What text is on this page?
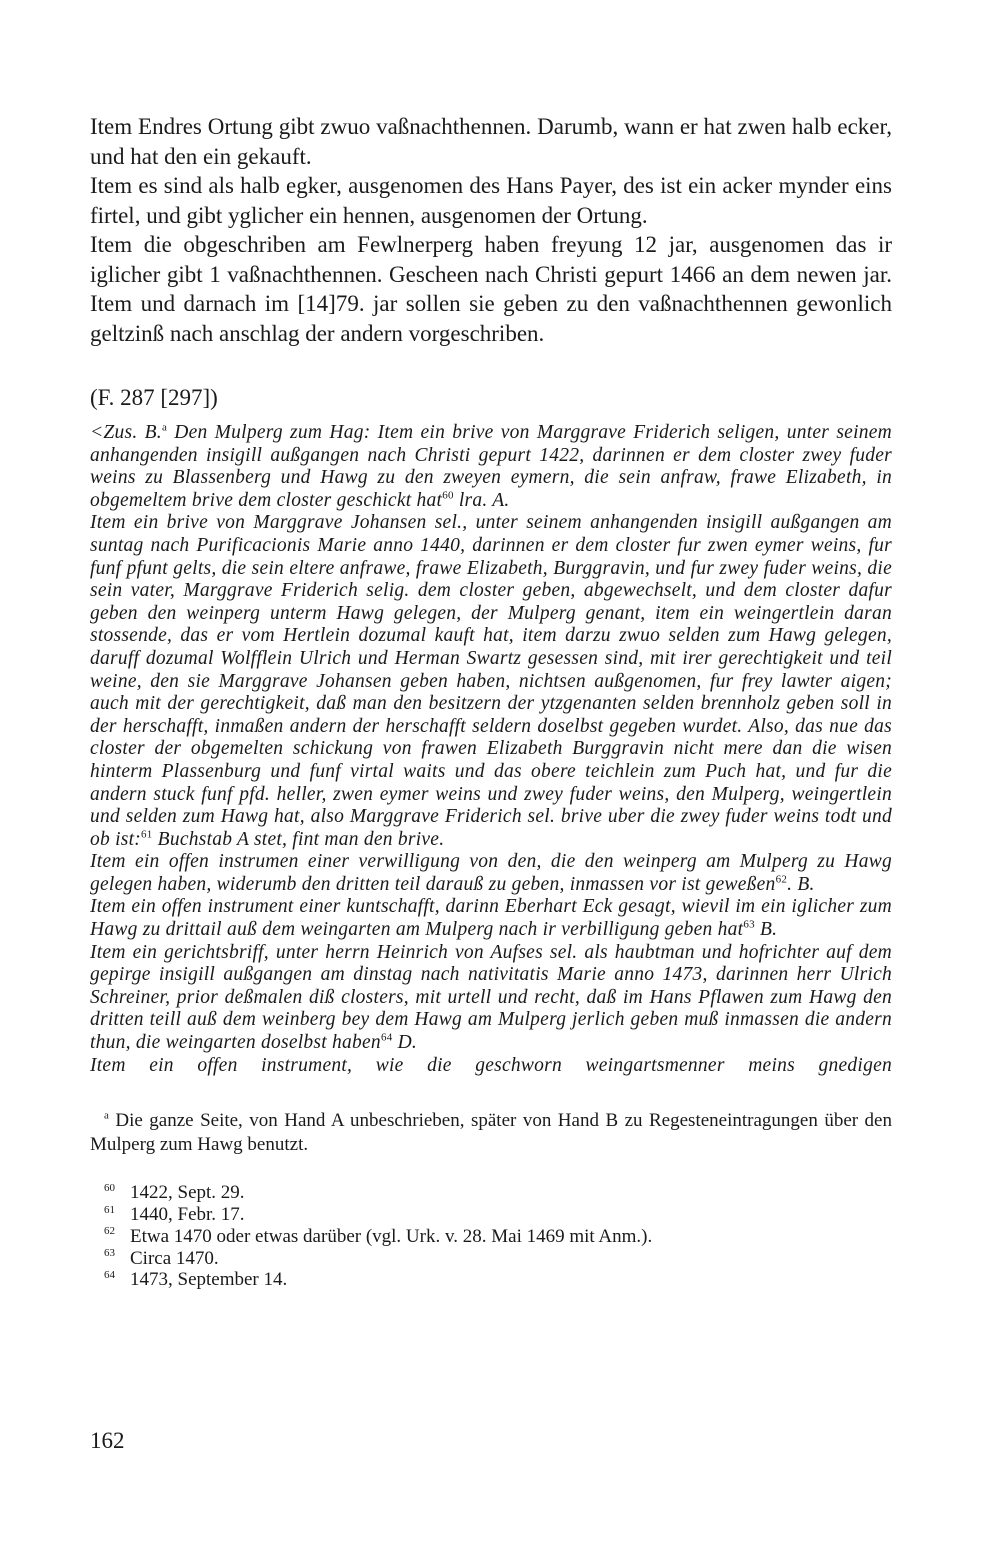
Item Endres Ortung gibt zwuo vaßnachthennen. Darumb, wann er hat zwen halb ecker, und hat den ein gekauft.

Item es sind als halb egker, ausgenomen des Hans Payer, des ist ein acker mynder eins firtel, und gibt yglicher ein hennen, ausgenomen der Ortung.

Item die obgeschriben am Fewlnerperg haben freyung 12 jar, ausgenomen das ir iglicher gibt 1 vaßnachthennen. Gescheen nach Christi gepurt 1466 an dem newen jar. Item und darnach im [14]79. jar sollen sie geben zu den vaßnachthennen gewonlich geltzinß nach anschlag der andern vorgeschriben.

(F. 287 [297])

<Zus. B.$^a$ Den Mulperg zum Hag: Item ein brive von Marggrave Friderich seligen, unter seinem anhangenden insigill außgangen nach Christi gepurt 1422, darinnen er dem closter zwey fuder weins zu Blassenberg und Hawg zu den zweyen eymern, die sein anfraw, frawe Elizabeth, in obgemeltem brive dem closter geschickt hat$^{60}$ lra. A.

Item ein brive von Marggrave Johansen sel., unter seinem anhangenden insigill außgangen am suntag nach Purificacionis Marie anno 1440, darinnen er dem closter fur zwen eymer weins, fur funf pfunt gelts, die sein eltere anfrawe, frawe Elizabeth, Burggravin, und fur zwey fuder weins, die sein vater, Marggrave Friderich selig. dem closter geben, abgewechselt, und dem closter dafur geben den weinperg unterm Hawg gelegen, der Mulperg genant, item ein weingertlein daran stossende, das er vom Hertlein dozumal kauft hat, item darzu zwuo selden zum Hawg gelegen, daruff dozumal Wolfflein Ulrich und Herman Swartz gesessen sind, mit irer gerechtigkeit und teil weine, den sie Marggrave Johansen geben haben, nichtsen außgenomen, fur frey lawter aigen; auch mit der gerechtigkeit, daß man den besitzern der ytzgenanten selden brennholz geben soll in der herschafft, inmaßen andern der herschafft seldern doselbst gegeben wurdet. Also, das nue das closter der obgemelten schickung von frawen Elizabeth Burggravin nicht mere dan die wisen hinterm Plassenburg und funf virtal waits und das obere teichlein zum Puch hat, und fur die andern stuck funf pfd. heller, zwen eymer weins und zwey fuder weins, den Mulperg, weingertlein und selden zum Hawg hat, also Marggrave Friderich sel. brive uber die zwey fuder weins todt und ob ist:$^{61}$ Buchstab A stet, fint man den brive.

Item ein offen instrumen einer verwilligung von den, die den weinperg am Mulperg zu Hawg gelegen haben, widerumb den dritten teil darauß zu geben, inmassen vor ist geweßen$^{62}$. B.

Item ein offen instrument einer kuntschafft, darinn Eberhart Eck gesagt, wievil im ein iglicher zum Hawg zu drittail auß dem weingarten am Mulperg nach ir verbilligung geben hat$^{63}$ B.

Item ein gerichtsbriff, unter herrn Heinrich von Aufses sel. als haubtman und hofrichter auf dem gepirge insigill außgangen am dinstag nach nativitatis Marie anno 1473, darinnen herr Ulrich Schreiner, prior deßmalen diß closters, mit urtell und recht, daß im Hans Pflawen zum Hawg den dritten teill auß dem weinberg bey dem Hawg am Mulperg jerlich geben muß inmassen die andern thun, die weingarten doselbst haben$^{64}$ D.

Item ein offen instrument, wie die geschworn weingartsmenner meins gnedigen

$^a$ Die ganze Seite, von Hand A unbeschrieben, später von Hand B zu Regesteneintragungen über den Mulperg zum Hawg benutzt.
60 1422, Sept. 29.
61 1440, Febr. 17.
62 Etwa 1470 oder etwas darüber (vgl. Urk. v. 28. Mai 1469 mit Anm.).
63 Circa 1470.
64 1473, September 14.
162
